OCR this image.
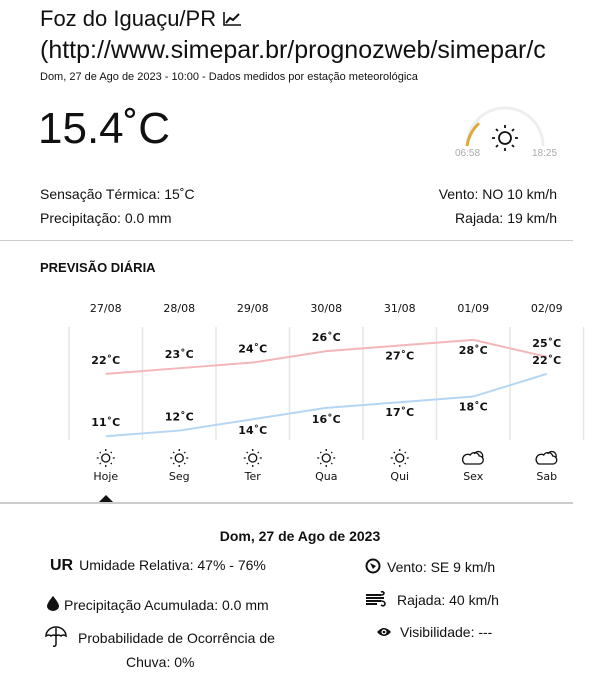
Foz do Iguaçu/PR
(http://www.simepar.br/prognozweb/simepar/c
Dom, 27 de Ago de 2023 - 10:00 - Dados medidos por estação meteorológica
15.4˚C
06:58	18:25
Sensação Térmica: 15˚C
Precipitação: 0.0 mm
Vento: NO 10 km/h
Rajada: 19 km/h
PREVISÃO DIÁRIA
27/08
22˚C
11˚C
Hoje
28/08
23˚C
12˚C
Seg
29/08
24˚C
14˚C
Ter
30/08
26˚C
16˚C
Qua
31/08
27˚C
17˚C
Qui
01/09
28˚C
18˚C
Sex
02/09
25˚C
22˚C
Sab
Dom, 27 de Ago de 2023
UR Umidade Relativa: 47% - 76%
Precipitação Acumulada: 0.0 mm
Probabilidade de Ocorrência de
Chuva: 0%
Vento: SE 9 km/h
Rajada: 40 km/h
Visibilidade: ---
